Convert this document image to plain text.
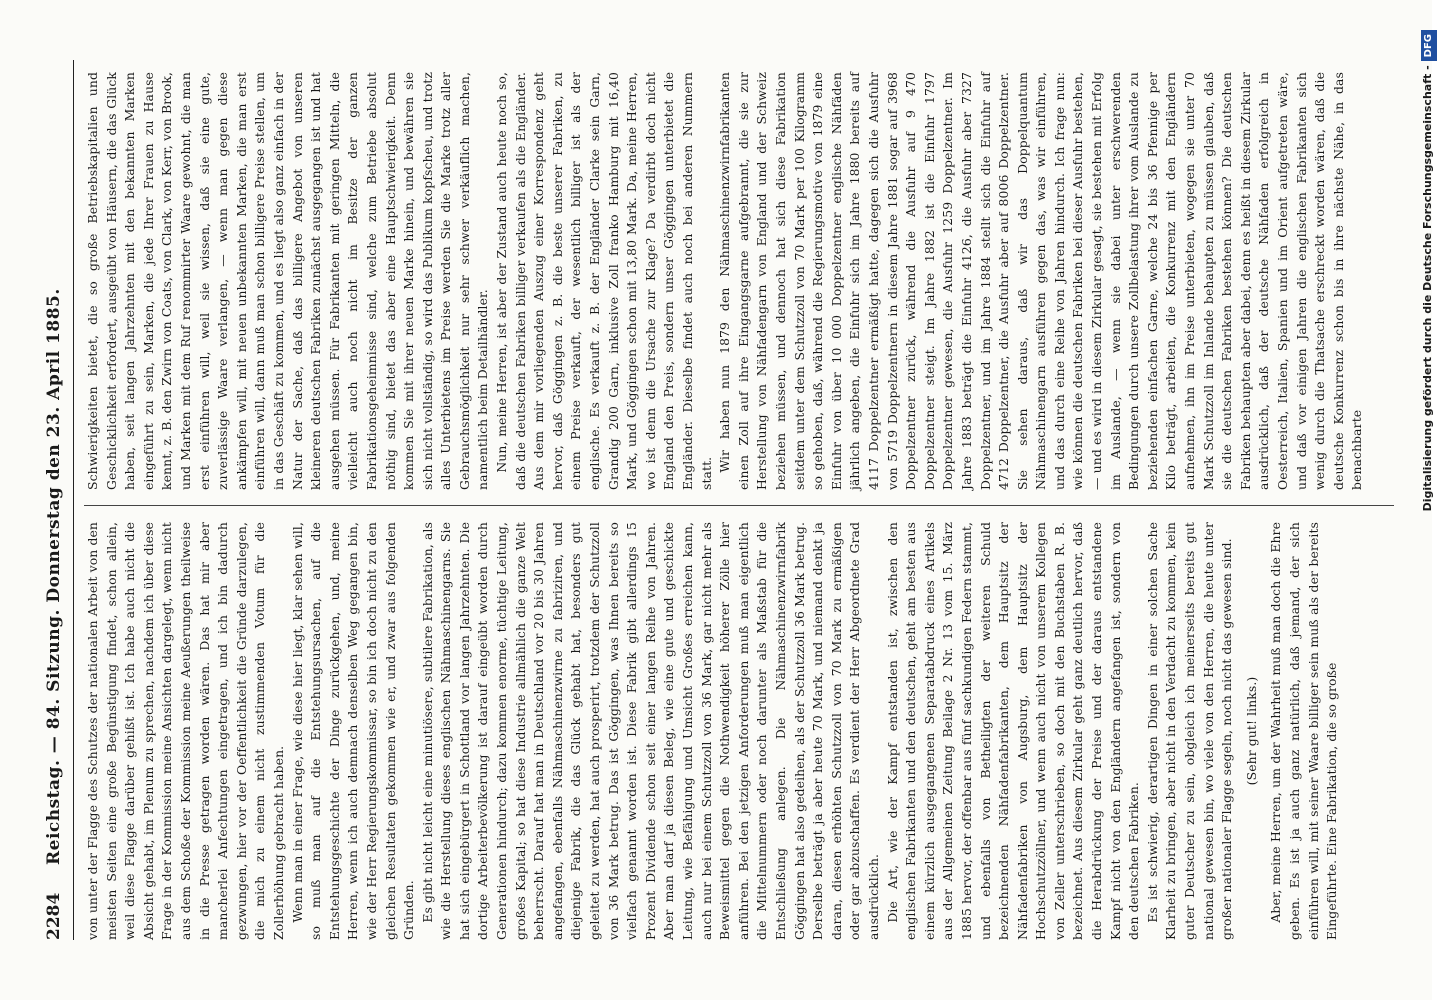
2284
Reichstag. — 84. Sitzung. Donnerstag den 23. April 1885. von unter der Flagge des Schutzes der nationalen Arbeit von den meisten Seiten eine große Begünstigung findet, schon allein, weil diese Flagge darüber gehißt ist. Ich habe auch nicht die Absicht gehabt, im Plenum zu sprechen, nachdem ich über diese Frage in der Kommission meine Ansichten dargelegt, wenn nicht aus dem Schoße der Kommission meine Aeußerungen theilweise in die Presse getragen worden wären. Das hat mir aber mancherlei Anfechtungen eingetragen, und ich bin dadurch gezwungen, hier vor der Oeffentlichkeit die Gründe darzulegen, die mich zu einem nicht zustimmenden Votum für die Zollerhöhung gebracht haben. Wenn man in einer Frage, wie diese hier liegt, klar sehen will, so muß man auf die Entstehungsursachen, auf die Entstehungsgeschichte der Dinge zurückgehen, und, meine Herren, wenn ich auch demnach denselben Weg gegangen bin, wie der Herr Regierungskommissar, so bin ich doch nicht zu den gleichen Resultaten gekommen wie er, und zwar aus folgenden Gründen. Es gibt nicht leicht eine minutiösere, subtilere Fabrikation, als wie die Herstellung dieses englischen Nähmaschinengarns. Sie hat sich eingebürgert in Schottland vor langen Jahrzehnten. Die dortige Arbeiterbevölkerung ist darauf eingeübt worden durch Generationen hindurch; dazu kommen enorme, tüchtige Leitung, großes Kapital; so hat diese Industrie allmählich die ganze Welt beherrscht. Darauf hat man in Deutschland vor 20 bis 30 Jahren angefangen, ebenfalls Nähmaschinenzwirne zu fabriziren, und diejenige Fabrik, die das Glück gehabt hat, besonders gut geleitet zu werden, hat auch prosperirt, trotzdem der Schutzzoll von 36 Mark betrug. Das ist Göggingen, was Ihnen bereits so vielfach genannt worden ist. Diese Fabrik gibt allerdings 15 Prozent Dividende schon seit einer langen Reihe von Jahren. Aber man darf ja diesen Beleg, wie eine gute und geschickte Leitung, wie Befähigung und Umsicht Großes erreichen kann, auch nur bei einem Schutzzoll von 36 Mark, gar nicht mehr als Beweismittel gegen die Nothwendigkeit höherer Zölle hier anführen. Bei den jetzigen Anforderungen muß man eigentlich die Mittelnummern oder noch darunter als Maßstab für die Entschließung anlegen. Die Nähmaschinenzwirnfabrik Göggingen hat also gedeihen, als der Schutzzoll 36 Mark betrug. Derselbe beträgt ja aber heute 70 Mark, und niemand denkt ja daran, diesen erhöhten Schutzzoll von 70 Mark zu ermäßigen oder gar abzuschaffen. Es verdient der Herr Abgeordnete Grad ausdrücklich. Die Art, wie der Kampf entstanden ist, zwischen den englischen Fabrikanten und den deutschen, geht am besten aus einem kürzlich ausgegangenen Separatabdruck eines Artikels aus der Allgemeinen Zeitung Beilage 2 Nr. 13 vom 15. März 1885 hervor, der offenbar aus fünf sachkundigen Federn stammt, und ebenfalls von Betheiligten der weiteren Schuld bezeichnenden Nähfadenfabrikanten, dem Hauptsitz der Nähfadenfabriken von Augsburg, dem Hauptsitz der Hochschutzzöllner, und wenn auch nicht von unserem Kollegen von Zeller unterschrieben, so doch mit den Buchstaben R. B. bezeichnet. Aus diesem Zirkular geht ganz deutlich hervor, daß die Herabdrückung der Preise und der daraus entstandene Kampf nicht von den Engländern angefangen ist, sondern von den deutschen Fabriken. Es ist schwierig, derartigen Dingen in einer solchen Sache Klarheit zu bringen, aber nicht in den Verdacht zu kommen, kein guter Deutscher zu sein, obgleich ich meinerseits bereits gut national gewesen bin, wo viele von den Herren, die heute unter großer nationaler Flagge segeln, noch nicht das gewesen sind. (Sehr gut! links.) Aber, meine Herren, um der Wahrheit muß man doch die Ehre geben. Es ist ja auch ganz natürlich, daß jemand, der sich einführen will, mit seiner Waare billiger sein muß als der bereits Eingeführte. Eine Fabrikation, die so große

Schwierigkeiten bietet, die so große Betriebskapitalien und Geschicklichkeit erfordert, ausgeübt von Häusern, die das Glück haben, seit langen Jahrzehnten mit den bekannten Marken eingeführt zu sein, Marken, die jede Ihrer Frauen zu Hause kennt, z. B. den Zwirn von Coats, von Clark, von Kerr, von Brook, und Marken mit dem Ruf renommirter Waare gewohnt, die man erst einführen will, weil sie wissen, daß sie eine gute, zuverlässige Waare verlangen, — wenn man gegen diese ankämpfen will, mit neuen unbekannten Marken, die man erst einführen will, dann muß man schon billigere Preise stellen, um in das Geschäft zu kommen, und es liegt also ganz einfach in der Natur der Sache, daß das billigere Angebot von unseren kleineren deutschen Fabriken zunächst ausgegangen ist und hat ausgehen müssen. Für Fabrikanten mit geringen Mitteln, die vielleicht auch noch nicht im Besitze der ganzen Fabrikationsgeheimnisse sind, welche zum Betriebe absolut nöthig sind, bietet das aber eine Hauptschwierigkeit. Denn kommen Sie mit ihrer neuen Marke hinein, und bewähren sie sich nicht vollständig, so wird das Publikum kopfscheu, und trotz alles Unterbietens im Preise werden Sie die Marke trotz aller Gebrauchsmöglichkeit nur sehr schwer verkäuflich machen, namentlich beim Detailhändler. Nun, meine Herren, ist aber der Zustand auch heute noch so, daß die deutschen Fabriken billiger verkaufen als die Engländer. Aus dem mir vorliegenden Auszug einer Korrespondenz geht hervor, daß Göggingen z. B. die beste unserer Fabriken, zu einem Preise verkauft, der wesentlich billiger ist als der englische. Es verkauft z. B. der Engländer Clarke sein Garn, Grandig 200 Garn, inklusive Zoll franko Hamburg mit 16,40 Mark, und Göggingen schon mit 13,80 Mark. Da, meine Herren, wo ist denn die Ursache zur Klage? Da verdirbt doch nicht England den Preis, sondern unser Göggingen unterbietet die Engländer. Dieselbe findet auch noch bei anderen Nummern statt.

Wir haben nun 1879 den Nähmaschinenzwirnfabrikanten einen Zoll auf ihre Eingangsgarne aufgebrannt, die sie zur Herstellung von Nähfadengarn von England und der Schweiz beziehen müssen, und dennoch hat sich diese Fabrikation seitdem unter dem Schutzzoll von 70 Mark per 100 Kilogramm so gehoben, daß, während die Regierungsmotive von 1879 eine Einfuhr von über 10 000 Doppelzentner englische Nähfäden jährlich angeben, die Einfuhr sich im Jahre 1880 bereits auf 4117 Doppelzentner ermäßigt hatte, dagegen sich die Ausfuhr von 5719 Doppelzentnern in diesem Jahre 1881 sogar auf 3968 Doppelzentner zurück, während die Ausfuhr auf 9 470 Doppelzentner steigt. Im Jahre 1882 ist die Einfuhr 1797 Doppelzentner gewesen, die Ausfuhr 1259 Doppelzentner. Im Jahre 1883 beträgt die Einfuhr 4126, die Ausfuhr aber 7327 Doppelzentner, und im Jahre 1884 stellt sich die Einfuhr auf 4712 Doppelzentner, die Ausfuhr aber auf 8006 Doppelzentner. Sie sehen daraus, daß wir das Doppelquantum Nähmaschinengarn ausführen gegen das, was wir einführen, und das durch eine Reihe von Jahren hindurch. Ich frage nun: wie können die deutschen Fabriken bei dieser Ausfuhr bestehen, — und es wird in diesem Zirkular gesagt, sie bestehen mit Erfolg im Auslande, — wenn sie dabei unter erschwerenden Bedingungen durch unsere Zollbelastung ihrer vom Auslande zu beziehenden einfachen Garne, welche 24 bis 36 Pfennige per Kilo beträgt, arbeiten, die Konkurrenz mit den Engländern aufnehmen, ihn im Preise unterbieten, wogegen sie unter 70 Mark Schutzzoll im Inlande behaupten zu müssen glauben, daß sie die deutschen Fabriken bestehen können? Die deutschen Fabriken behaupten aber dabei, denn es heißt in diesem Zirkular ausdrücklich, daß der deutsche Nähfaden erfolgreich in Oesterreich, Italien, Spanien und im Orient aufgetreten wäre, und daß vor einigen Jahren die englischen Fabrikanten sich wenig durch die Thatsache erschreckt worden wären, daß die deutsche Konkurrenz schon bis in ihre nächste Nähe, in das benachbarte	Digitalisierung gefördert durch die Deutsche Forschungsgemeinschaft -DFG
